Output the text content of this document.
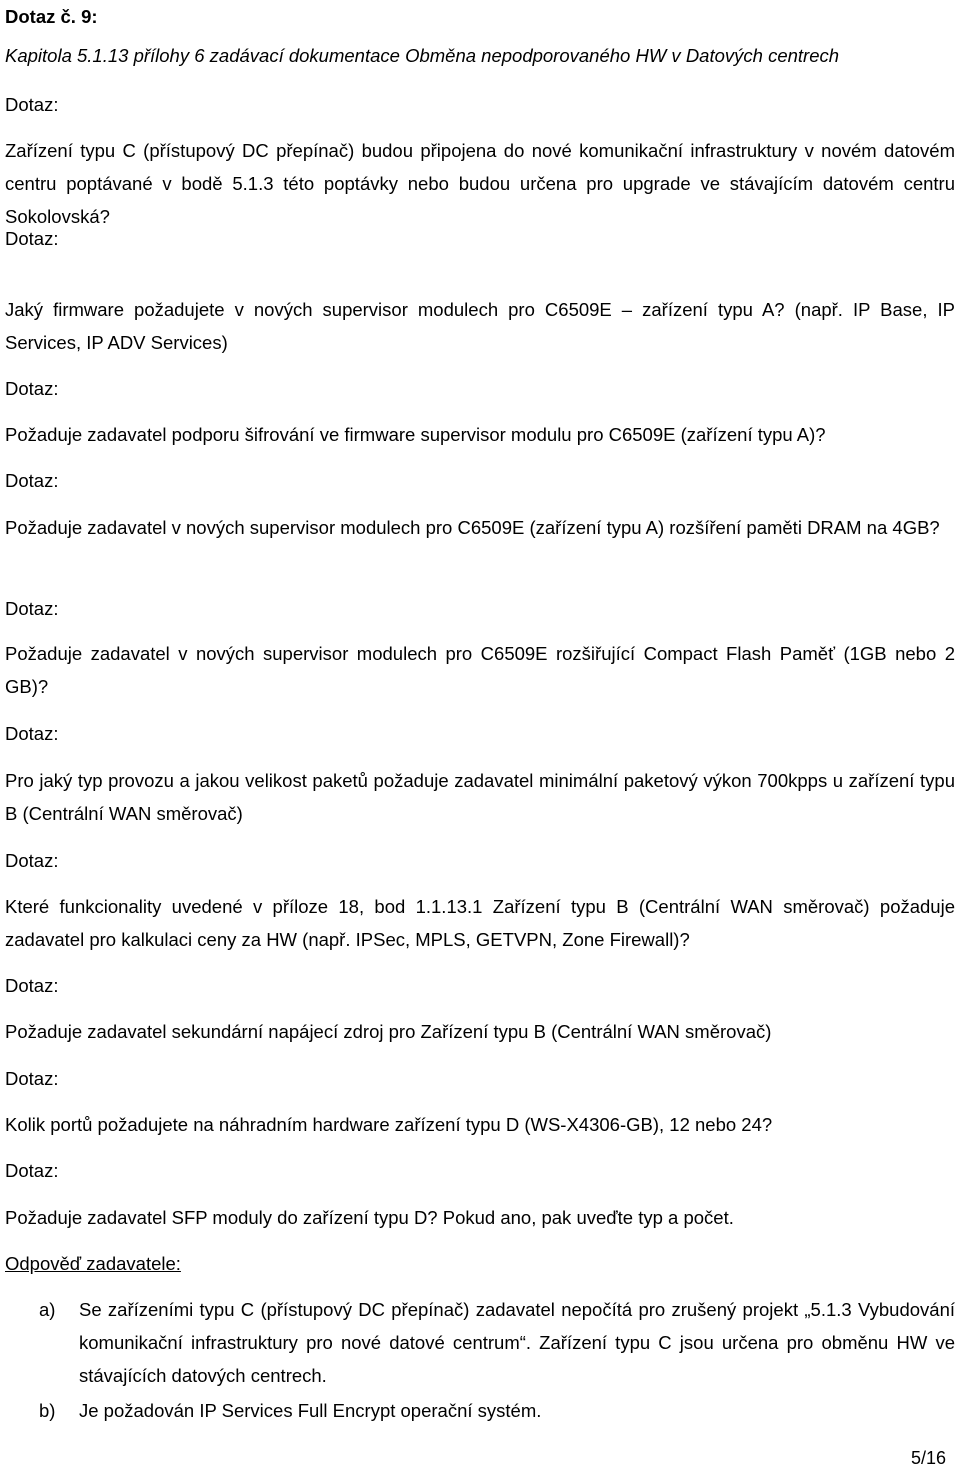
Dotaz č. 9:

Kapitola 5.1.13 přílohy 6 zadávací dokumentace Obměna nepodporovaného HW v Datových centrech

Dotaz:

Zařízení typu C (přístupový DC přepínač) budou připojena do nové komunikační infrastruktury v novém datovém centru poptávané v bodě 5.1.3 této poptávky nebo budou určena pro upgrade ve stávajícím datovém centru Sokolovská?

Dotaz:

Jaký firmware požadujete v nových supervisor modulech pro C6509E – zařízení typu A? (např. IP Base, IP Services, IP ADV Services)

Dotaz:

Požaduje zadavatel podporu šifrování ve firmware supervisor modulu pro C6509E (zařízení typu A)?

Dotaz:

Požaduje zadavatel v nových supervisor modulech pro C6509E (zařízení typu A) rozšíření paměti DRAM na 4GB?

Dotaz:

Požaduje zadavatel v nových supervisor modulech pro C6509E rozšiřující Compact Flash Paměť (1GB nebo 2 GB)?

Dotaz:

Pro jaký typ provozu a jakou velikost paketů požaduje zadavatel minimální paketový výkon 700kpps u zařízení typu B (Centrální WAN směrovač)

Dotaz:

Které funkcionality uvedené v příloze 18, bod 1.1.13.1 Zařízení typu B (Centrální WAN směrovač) požaduje zadavatel pro kalkulaci ceny za HW (např. IPSec, MPLS, GETVPN, Zone Firewall)?

Dotaz:

Požaduje zadavatel sekundární napájecí zdroj pro Zařízení typu B (Centrální WAN směrovač)

Dotaz:

Kolik portů požadujete na náhradním hardware zařízení typu D (WS-X4306-GB), 12 nebo 24?

Dotaz:

Požaduje zadavatel SFP moduly do zařízení typu D? Pokud ano, pak uveďte typ a počet.

Odpověď zadavatele:

a) Se zařízeními typu C (přístupový DC přepínač) zadavatel nepočítá pro zrušený projekt „5.1.3 Vybudování komunikační infrastruktury pro nové datové centrum“. Zařízení typu C jsou určena pro obměnu HW ve stávajících datových centrech.
b) Je požadován IP Services Full Encrypt operační systém.
5/16
